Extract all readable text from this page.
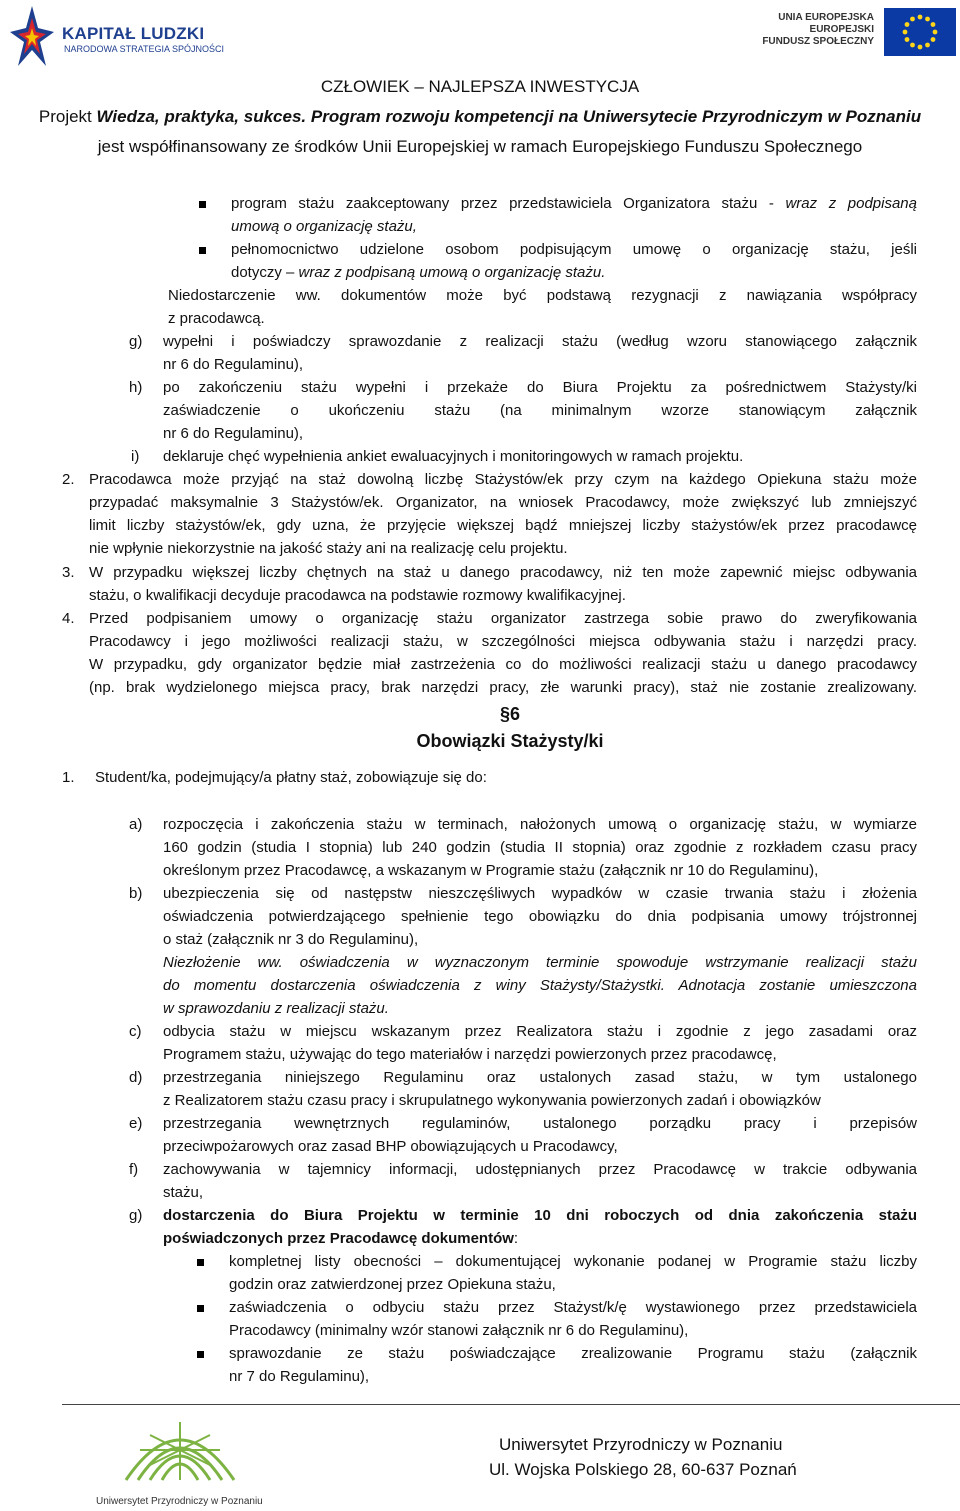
KAPITAŁ LUDZKI
NARODOWA STRATEGIA SPÓJNOŚCI
UNIA EUROPEJSKA
EUROPEJSKI
FUNDUSZ SPOŁECZNY
CZŁOWIEK – NAJLEPSZA INWESTYCJA
Projekt Wiedza, praktyka, sukces. Program rozwoju kompetencji na Uniwersytecie Przyrodniczym w Poznaniu
jest współfinansowany ze środków Unii Europejskiej w ramach Europejskiego Funduszu Społecznego
program stażu zaakceptowany przez przedstawiciela Organizatora stażu - wraz z podpisaną
umową o organizację stażu,
pełnomocnictwo udzielone osobom podpisującym umowę o organizację stażu, jeśli
dotyczy – wraz z podpisaną umową o organizację stażu.
Niedostarczenie ww. dokumentów może być podstawą rezygnacji z nawiązania współpracy
z pracodawcą.
g) wypełni i poświadczy sprawozdanie z realizacji stażu (według wzoru stanowiącego załącznik
nr 6 do Regulaminu),
h) po zakończeniu stażu wypełni i przekaże do Biura Projektu za pośrednictwem Stażysty/ki
zaświadczenie o ukończeniu stażu (na minimalnym wzorze stanowiącym załącznik
nr 6 do Regulaminu),
i) deklaruje chęć wypełnienia ankiet ewaluacyjnych i monitoringowych w ramach projektu.
2. Pracodawca może przyjąć na staż dowolną liczbę Stażystów/ek przy czym na każdego Opiekuna stażu może
przypadać maksymalnie 3 Stażystów/ek. Organizator, na wniosek Pracodawcy, może zwiększyć lub zmniejszyć
limit liczby stażystów/ek, gdy uzna, że przyjęcie większej bądź mniejszej liczby stażystów/ek przez pracodawcę
nie wpłynie niekorzystnie na jakość staży ani na realizację celu projektu.
3. W przypadku większej liczby chętnych na staż u danego pracodawcy, niż ten może zapewnić miejsc odbywania
stażu, o kwalifikacji decyduje pracodawca na podstawie rozmowy kwalifikacyjnej.
4. Przed podpisaniem umowy o organizację stażu organizator zastrzega sobie prawo do zweryfikowania
Pracodawcy i jego możliwości realizacji stażu, w szczególności miejsca odbywania stażu i narzędzi pracy.
W przypadku, gdy organizator będzie miał zastrzeżenia co do możliwości realizacji stażu u danego pracodawcy
(np. brak wydzielonego miejsca pracy, brak narzędzi pracy, złe warunki pracy), staż nie zostanie zrealizowany.
§6
Obowiązki Stażysty/ki
1. Student/ka, podejmujący/a płatny staż, zobowiązuje się do:
a) rozpoczęcia i zakończenia stażu w terminach, nałożonych umową o organizację stażu, w wymiarze
160 godzin (studia I stopnia) lub 240 godzin (studia II stopnia) oraz zgodnie z rozkładem czasu pracy
określonym przez Pracodawcę, a wskazanym w Programie stażu (załącznik nr 10 do Regulaminu),
b) ubezpieczenia się od następstw nieszczęśliwych wypadków w czasie trwania stażu i złożenia
oświadczenia potwierdzającego spełnienie tego obowiązku do dnia podpisania umowy trójstronnej
o staż (załącznik nr 3 do Regulaminu),
Niezłożenie ww. oświadczenia w wyznaczonym terminie spowoduje wstrzymanie realizacji stażu
do momentu dostarczenia oświadczenia z winy Stażysty/Stażystki. Adnotacja zostanie umieszczona
w sprawozdaniu z realizacji stażu.
c) odbycia stażu w miejscu wskazanym przez Realizatora stażu i zgodnie z jego zasadami oraz
Programem stażu, używając do tego materiałów i narzędzi powierzonych przez pracodawcę,
d) przestrzegania niniejszego Regulaminu oraz ustalonych zasad stażu, w tym ustalonego
z Realizatorem stażu czasu pracy i skrupulatnego wykonywania powierzonych zadań i obowiązków
e) przestrzegania wewnętrznych regulaminów, ustalonego porządku pracy i przepisów
przeciwpożarowych oraz zasad BHP obowiązujących u Pracodawcy,
f) zachowywania w tajemnicy informacji, udostępnianych przez Pracodawcę w trakcie odbywania
stażu,
g) dostarczenia do Biura Projektu w terminie 10 dni roboczych od dnia zakończenia stażu
poświadczonych przez Pracodawcę dokumentów:
kompletnej listy obecności – dokumentującej wykonanie podanej w Programie stażu liczby
godzin oraz zatwierdzonej przez Opiekuna stażu,
zaświadczenia o odbyciu stażu przez Stażyst/k/ę wystawionego przez przedstawiciela
Pracodawcy (minimalny wzór stanowi załącznik nr 6 do Regulaminu),
sprawozdanie ze stażu poświadczające zrealizowanie Programu stażu (załącznik
nr 7 do Regulaminu),
Uniwersytet Przyrodniczy w Poznaniu
Uniwersytet Przyrodniczy w Poznaniu
Ul. Wojska Polskiego 28, 60-637 Poznań
